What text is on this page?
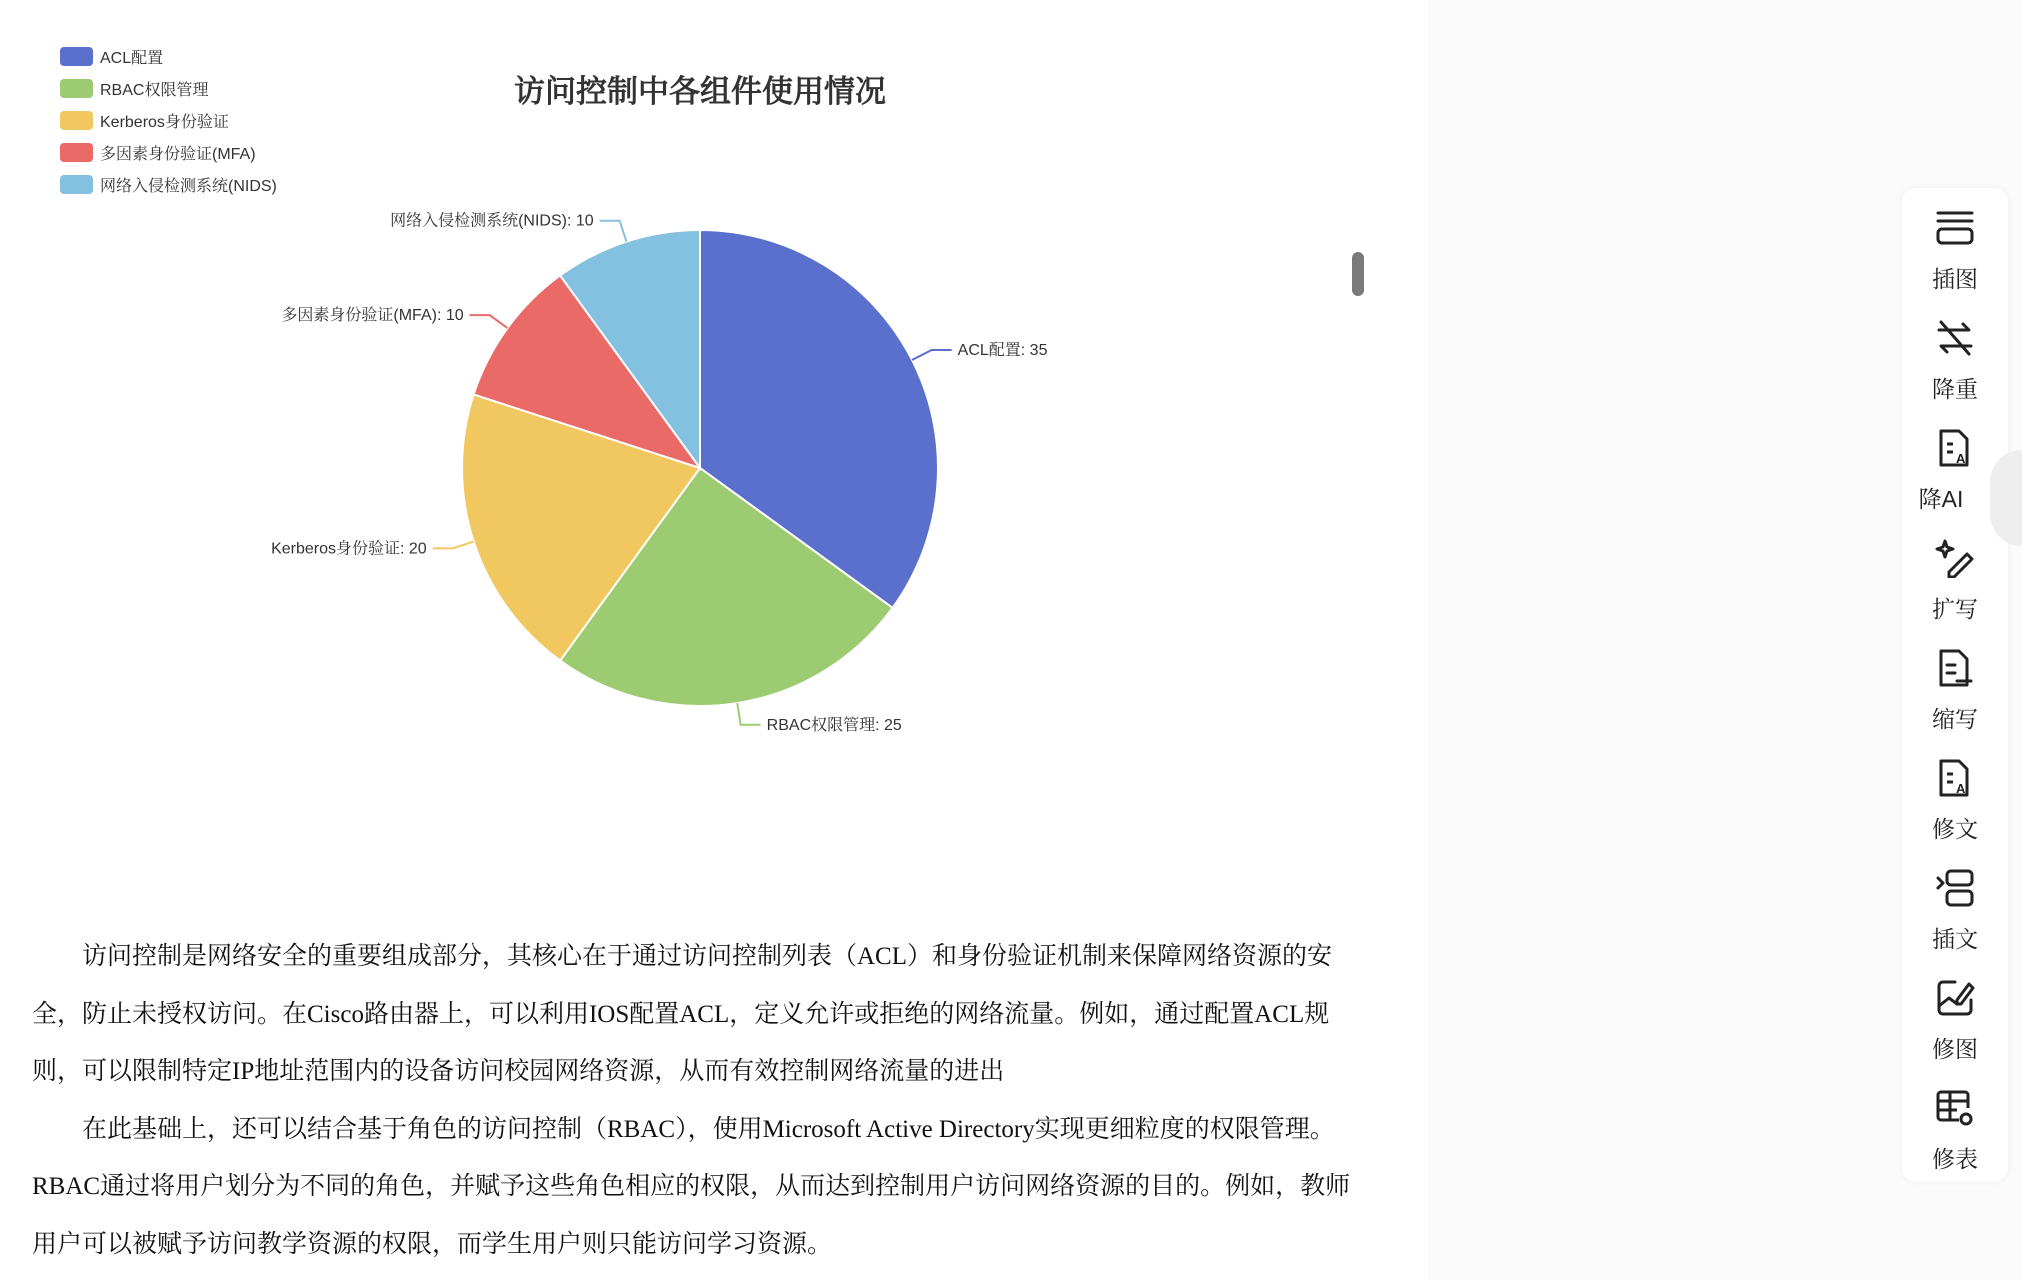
ACL配置
RBAC权限管理
Kerberos身份验证
多因素身份验证(MFA)
网络入侵检测系统(NIDS)
访问控制中各组件使用情况
ACL配置: 35
RBAC权限管理: 25
Kerberos身份验证: 20
多因素身份验证(MFA): 10
网络入侵检测系统(NIDS): 10

访问控制是网络安全的重要组成部分，其核心在于通过访问控制列表（ACL）和身份验证机制来保障网络资源的安全，防止未授权访问。在Cisco路由器上，可以利用IOS配置ACL，定义允许或拒绝的网络流量。例如，通过配置ACL规则，可以限制特定IP地址范围内的设备访问校园网络资源，从而有效控制网络流量的进出

在此基础上，还可以结合基于角色的访问控制（RBAC），使用Microsoft Active Directory实现更细粒度的权限管理。RBAC通过将用户划分为不同的角色，并赋予这些角色相应的权限，从而达到控制用户访问网络资源的目的。例如，教师用户可以被赋予访问教学资源的权限，而学生用户则只能访问学习资源。

插图
降重
AI
降AI
扩写
缩写
AI
修文
插文
修图
修表
